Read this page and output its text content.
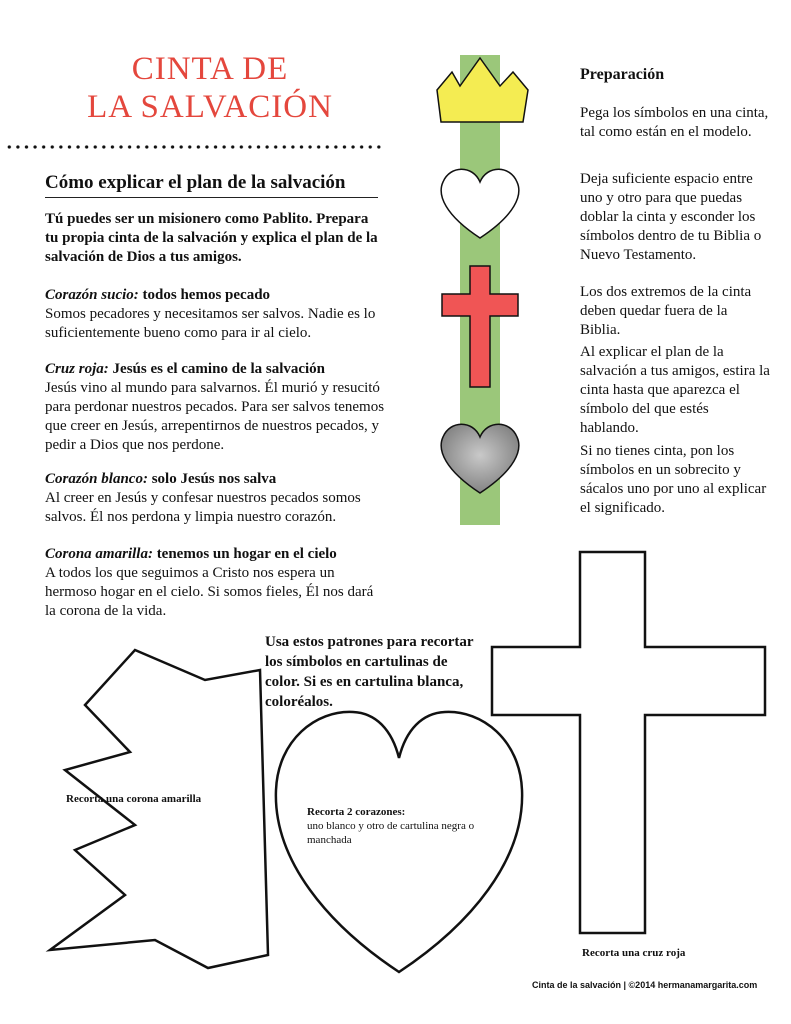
CINTA DE

LA SALVACIÓN
Cómo explicar el plan de la salvación
Tú puedes ser un misionero como Pablito. Prepara tu propia cinta de la salvación y explica el plan de la salvación de Dios a tus amigos.
Corazón sucio: todos hemos pecado
Somos pecadores y necesitamos ser salvos. Nadie es lo suficientemente bueno como para ir al cielo.
Cruz roja: Jesús es el camino de la salvación
Jesús vino al mundo para salvarnos. Él murió y resucitó para perdonar nuestros pecados. Para ser salvos tenemos que creer en Jesús, arrepentirnos de nuestros pecados, y pedir a Dios que nos perdone.
Corazón blanco: solo Jesús nos salva
Al creer en Jesús y confesar nuestros pecados somos salvos. Él nos perdona y limpia nuestro corazón.
Corona amarilla: tenemos un hogar en el cielo
A todos los que seguimos a Cristo nos espera un hermoso hogar en el cielo. Si somos fieles, Él nos dará la corona de la vida.
Preparación
Pega los símbolos en una cinta, tal como están en el modelo.
Deja suficiente espacio entre uno y otro para que puedas doblar la cinta y esconder los símbolos dentro de tu Biblia o Nuevo Testamento.
Los dos extremos de la cinta deben quedar fuera de la Biblia.
Al explicar el plan de la salvación a tus amigos, estira la cinta hasta que aparezca el símbolo del que estés hablando.
Si no tienes cinta, pon los símbolos en un sobrecito y sácalos uno por uno al explicar el significado.
Usa estos patrones para recortar los símbolos en cartulinas de color. Si es en cartulina blanca, coloréalos.
Recorta una corona amarilla
Recorta 2 corazones:
uno blanco y otro de cartulina negra o manchada
Recorta una cruz roja
Cinta de la salvación | ©2014 hermanamargarita.com
